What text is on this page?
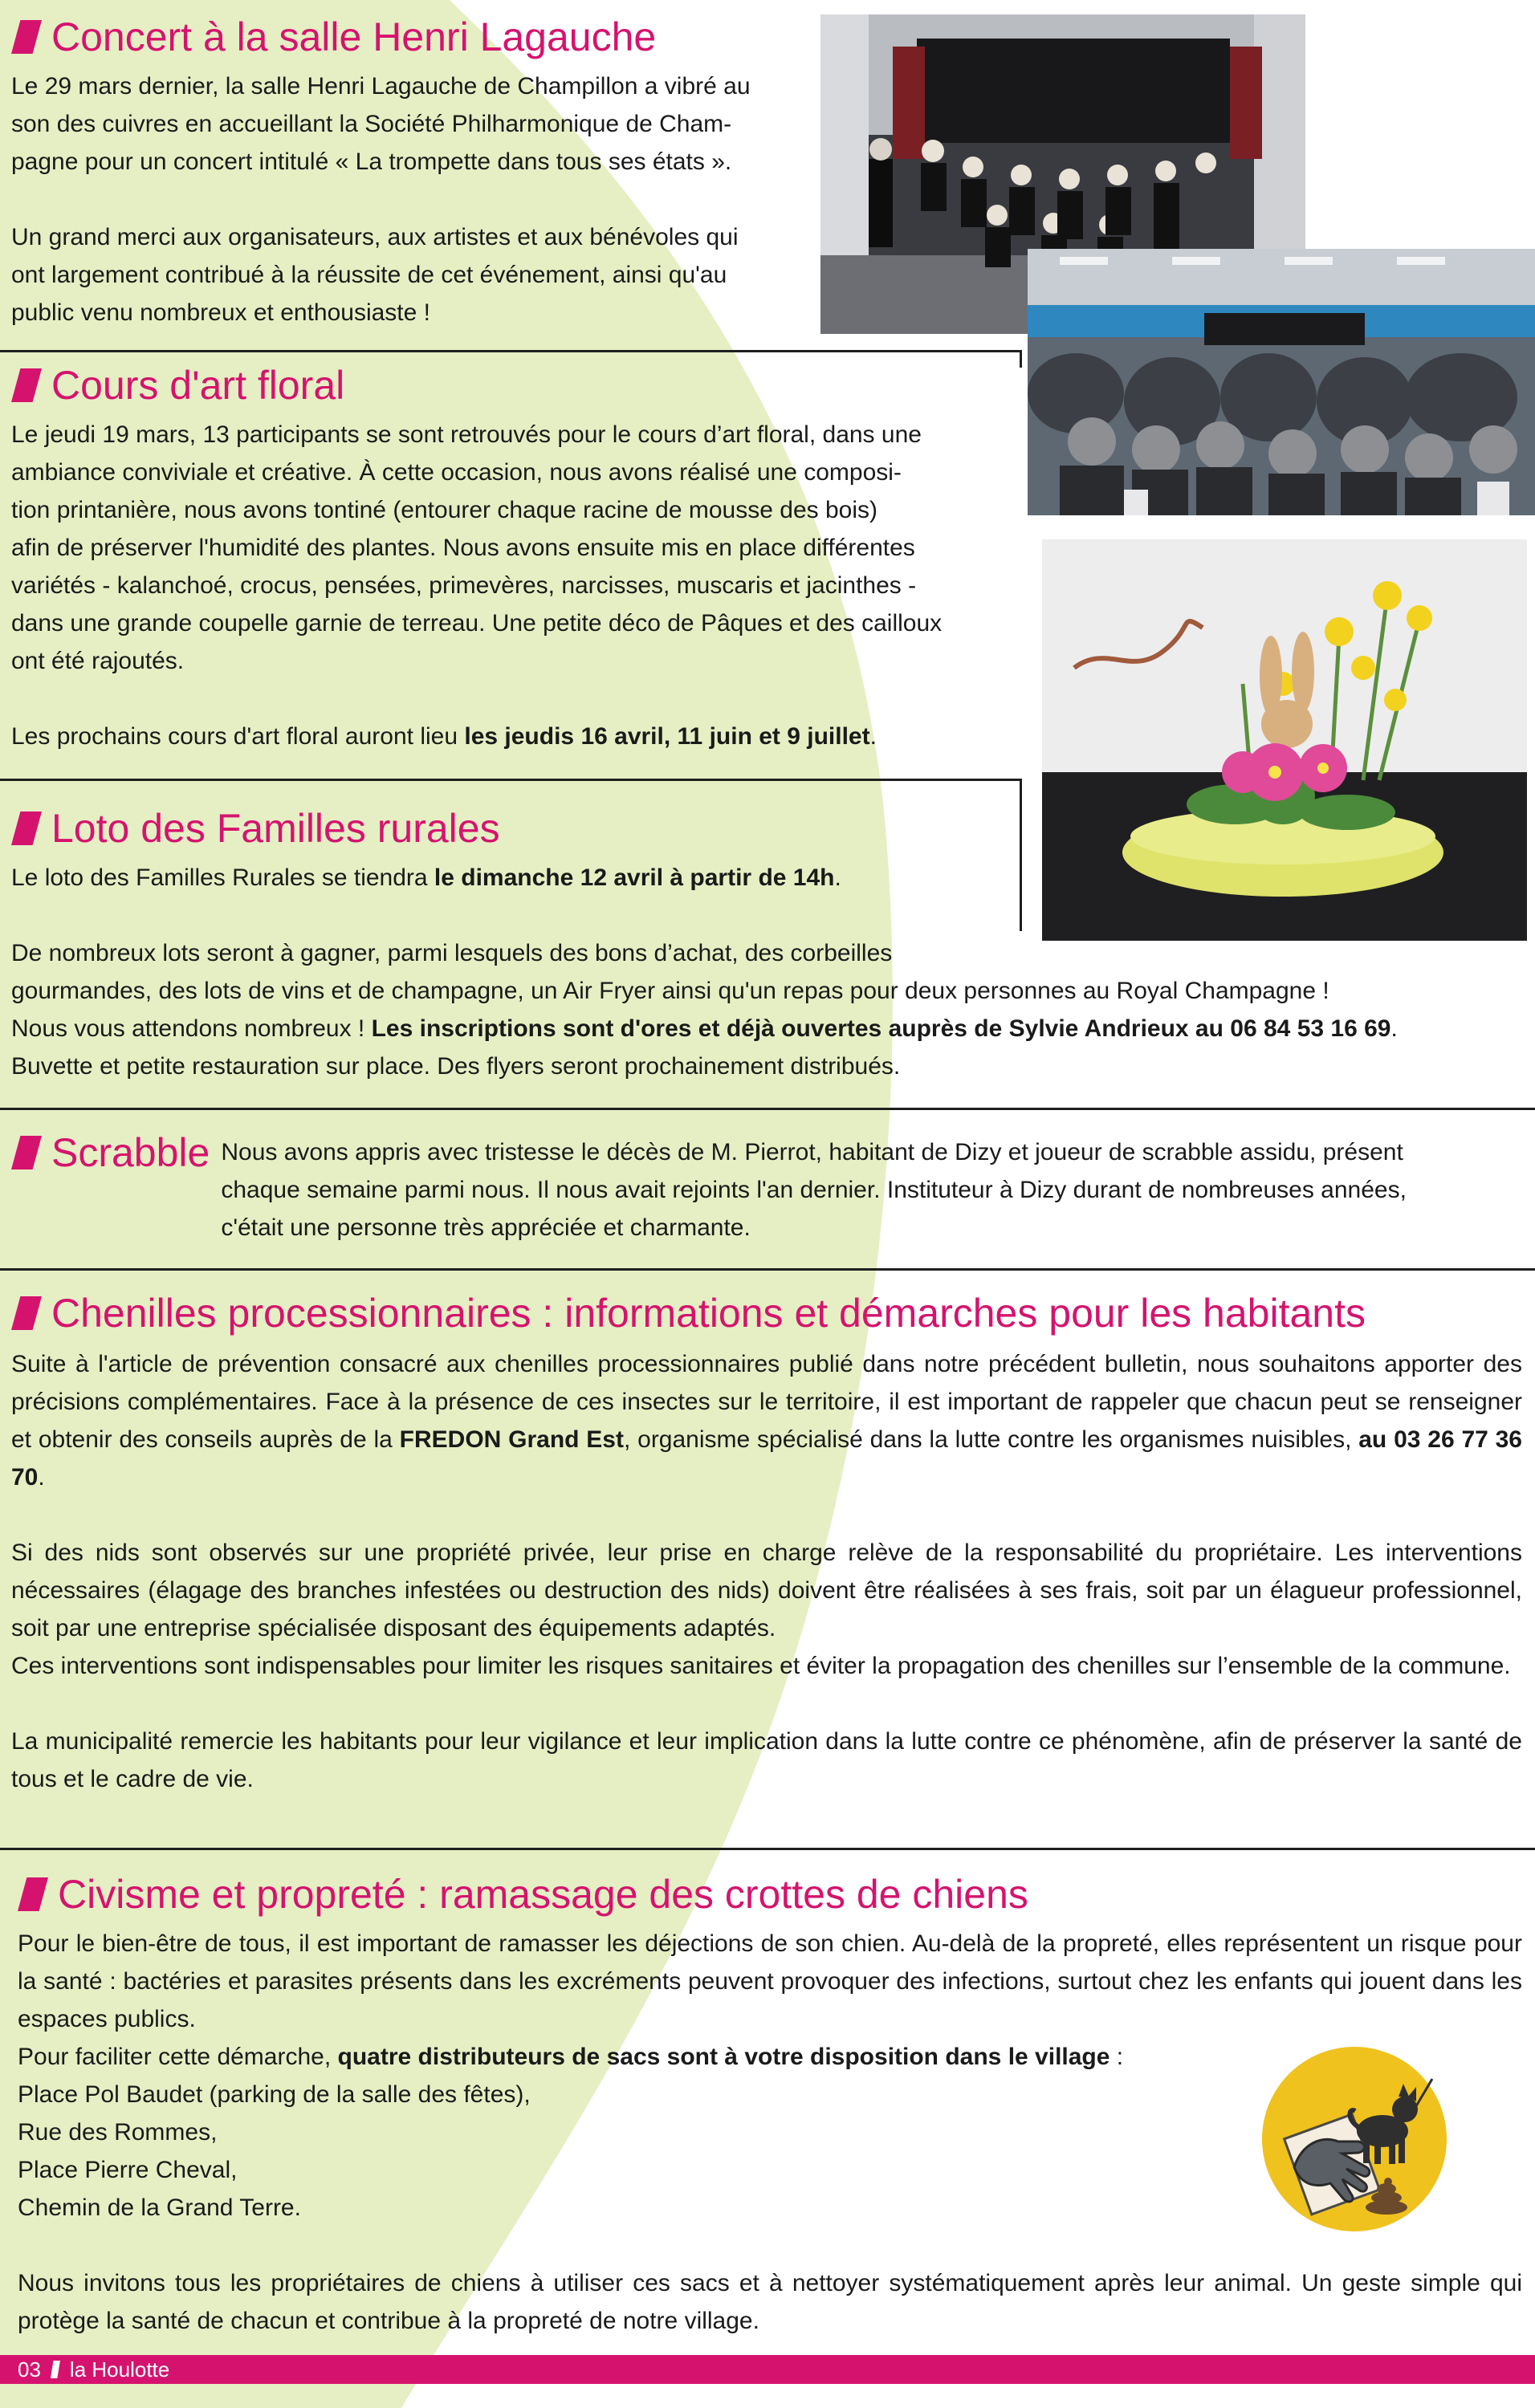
Concert à la salle Henri Lagauche

Le 29 mars dernier, la salle Henri Lagauche de Champillon a vibré au
son des cuivres en accueillant la Société Philharmonique de Cham-
pagne pour un concert intitulé « La trompette dans tous ses états ».

Un grand merci aux organisateurs, aux artistes et aux bénévoles qui
ont largement contribué à la réussite de cet événement, ainsi qu'au
public venu nombreux et enthousiaste !

Cours d'art floral

Le jeudi 19 mars, 13 participants se sont retrouvés pour le cours d’art floral, dans une
ambiance conviviale et créative. À cette occasion, nous avons réalisé une composi-
tion printanière, nous avons tontiné (entourer chaque racine de mousse des bois)
afin de préserver l'humidité des plantes. Nous avons ensuite mis en place différentes
variétés - kalanchoé, crocus, pensées, primevères, narcisses, muscaris et jacinthes -
dans une grande coupelle garnie de terreau. Une petite déco de Pâques et des cailloux
ont été rajoutés.

Les prochains cours d'art floral auront lieu les jeudis 16 avril, 11 juin et 9 juillet.

Loto des Familles rurales

Le loto des Familles Rurales se tiendra le dimanche 12 avril à partir de 14h.

De nombreux lots seront à gagner, parmi lesquels des bons d’achat, des corbeilles
gourmandes, des lots de vins et de champagne, un Air Fryer ainsi qu'un repas pour deux personnes au Royal Champagne !
Nous vous attendons nombreux ! Les inscriptions sont d'ores et déjà ouvertes auprès de Sylvie Andrieux au 06 84 53 16 69.
Buvette et petite restauration sur place. Des flyers seront prochainement distribués.

Scrabble Nous avons appris avec tristesse le décès de M. Pierrot, habitant de Dizy et joueur de scrabble assidu, présent
chaque semaine parmi nous. Il nous avait rejoints l'an dernier. Instituteur à Dizy durant de nombreuses années,
c'était une personne très appréciée et charmante.

Chenilles processionnaires : informations et démarches pour les habitants

Suite à l'article de prévention consacré aux chenilles processionnaires publié dans notre précédent bulletin, nous souhaitons apporter des précisions complémentaires. Face à la présence de ces insectes sur le territoire, il est important de rappeler que chacun peut se renseigner et obtenir des conseils auprès de la FREDON Grand Est, organisme spécialisé dans la lutte contre les organismes nuisibles, au 03 26 77 36 70.

Si des nids sont observés sur une propriété privée, leur prise en charge relève de la responsabilité du propriétaire. Les interventions nécessaires (élagage des branches infestées ou destruction des nids) doivent être réalisées à ses frais, soit par un élagueur professionnel, soit par une entreprise spécialisée disposant des équipements adaptés.

Ces interventions sont indispensables pour limiter les risques sanitaires et éviter la propagation des chenilles sur l’ensemble de la commune.

La municipalité remercie les habitants pour leur vigilance et leur implication dans la lutte contre ce phénomène, afin de préserver la santé de tous et le cadre de vie.

Civisme et propreté : ramassage des crottes de chiens

Pour le bien-être de tous, il est important de ramasser les déjections de son chien. Au-delà de la propreté, elles représentent un risque pour la santé : bactéries et parasites présents dans les excréments peuvent provoquer des infections, surtout chez les enfants qui jouent dans les espaces publics.

Pour faciliter cette démarche, quatre distributeurs de sacs sont à votre disposition dans le village :

Place Pol Baudet (parking de la salle des fêtes),
Rue des Rommes,
Place Pierre Cheval,
Chemin de la Grand Terre.

Nous invitons tous les propriétaires de chiens à utiliser ces sacs et à nettoyer systématiquement après leur animal. Un geste simple qui protège la santé de chacun et contribue à la propreté de notre village.

03 la Houlotte
